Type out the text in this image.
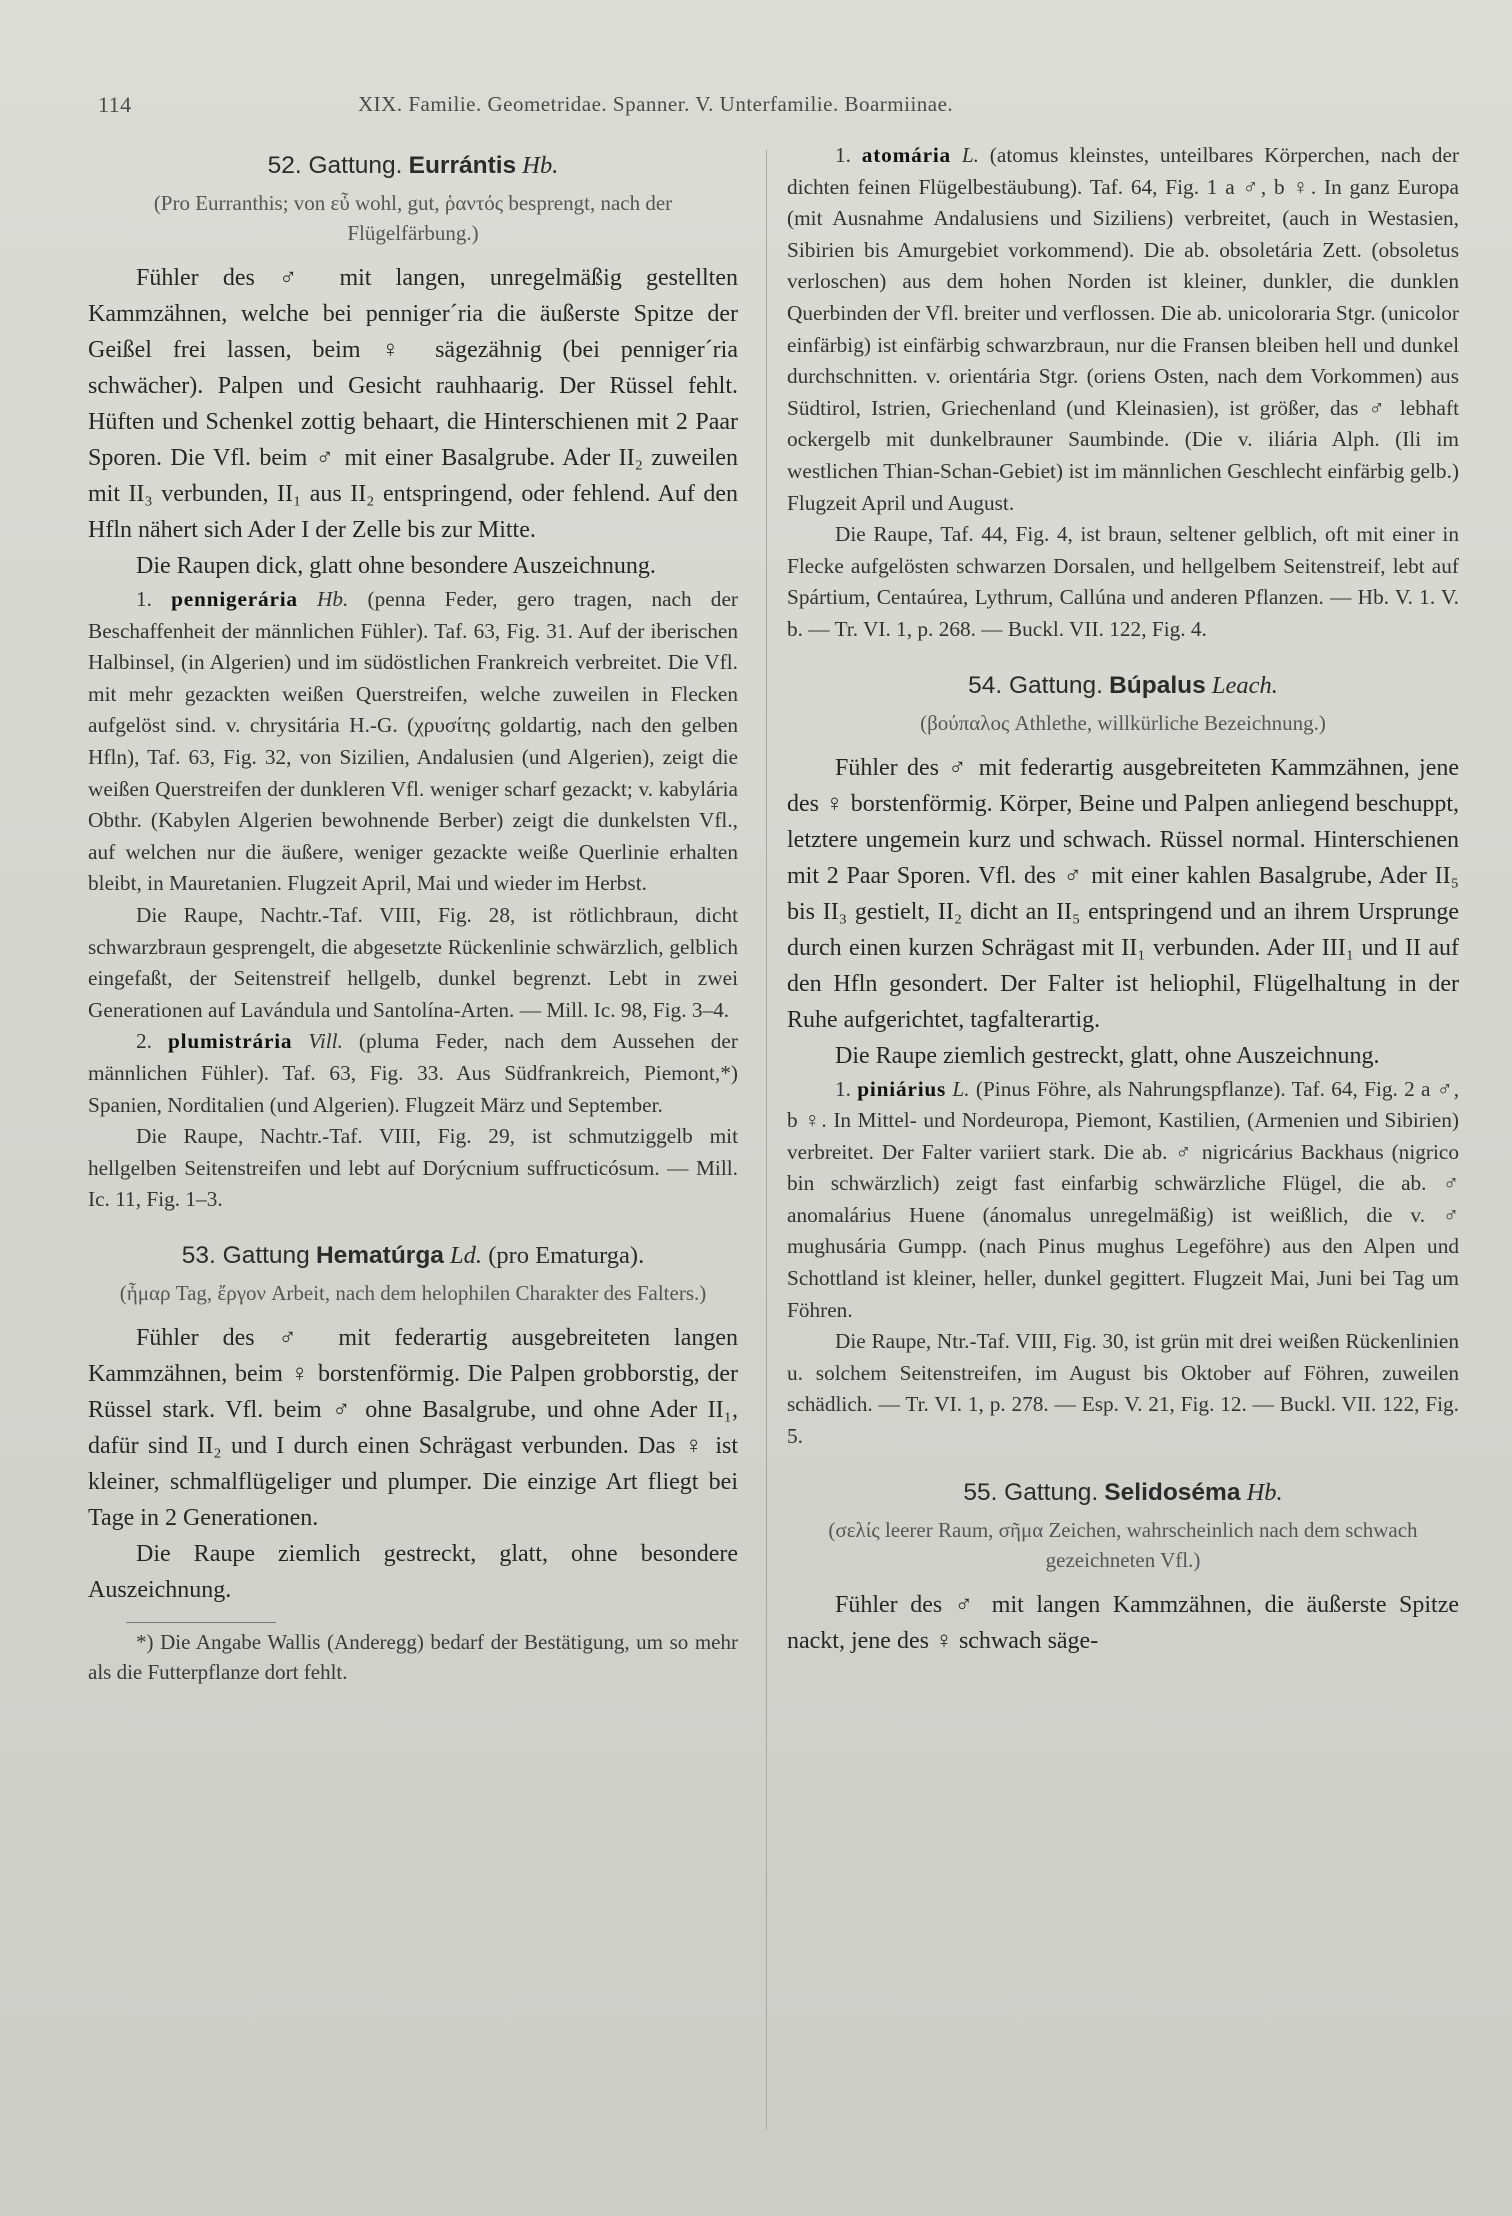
114	XIX. Familie. Geometridae. Spanner. V. Unterfamilie. Boarmiinae.
52. Gattung. Eurrántis Hb.

(Pro Eurranthis; von εὖ wohl, gut, ῥαντός besprengt, nach der Flügelfärbung.)

Fühler des ♂ mit langen, unregelmäßig gestellten Kammzähnen, welche bei penniger´ria die äußerste Spitze der Geißel frei lassen, beim ♀ sägezähnig (bei penniger´ria schwächer). Palpen und Gesicht rauhhaarig. Der Rüssel fehlt. Hüften und Schenkel zottig behaart, die Hinterschienen mit 2 Paar Sporen. Die Vfl. beim ♂ mit einer Basalgrube. Ader II₂ zuweilen mit II₃ verbunden, II₁ aus II₂ entspringend, oder fehlend. Auf den Hfln nähert sich Ader I der Zelle bis zur Mitte.

Die Raupen dick, glatt ohne besondere Auszeichnung.

1. pennigerária Hb. (penna Feder, gero tragen, nach der Beschaffenheit der männlichen Fühler). Taf. 63, Fig. 31. Auf der iberischen Halbinsel, (in Algerien) und im südöstlichen Frankreich verbreitet. Die Vfl. mit mehr gezackten weißen Querstreifen, welche zuweilen in Flecken aufgelöst sind. v. chrysitária H.-G. (χρυσίτης goldartig, nach den gelben Hfln), Taf. 63, Fig. 32, von Sizilien, Andalusien (und Algerien), zeigt die weißen Querstreifen der dunkleren Vfl. weniger scharf gezackt; v. kabylária Obthr. (Kabylen Algerien bewohnende Berber) zeigt die dunkelsten Vfl., auf welchen nur die äußere, weniger gezackte weiße Querlinie erhalten bleibt, in Mauretanien. Flugzeit April, Mai und wieder im Herbst.

Die Raupe, Nachtr.-Taf. VIII, Fig. 28, ist rötlichbraun, dicht schwarzbraun gesprengelt, die abgesetzte Rückenlinie schwärzlich, gelblich eingefaßt, der Seitenstreif hellgelb, dunkel begrenzt. Lebt in zwei Generationen auf Lavándula und Santolína-Arten. — Mill. Ic. 98, Fig. 3–4.

2. plumistrária Vill. (pluma Feder, nach dem Aussehen der männlichen Fühler). Taf. 63, Fig. 33. Aus Südfrankreich, Piemont,*) Spanien, Norditalien (und Algerien). Flugzeit März und September.

Die Raupe, Nachtr.-Taf. VIII, Fig. 29, ist schmutziggelb mit hellgelben Seitenstreifen und lebt auf Dorýcnium suffructicósum. — Mill. Ic. 11, Fig. 1–3.

53. Gattung Hematúrga Ld. (pro Ematurga).

(ἦμαρ Tag, ἔργον Arbeit, nach dem helophilen Charakter des Falters.)

Fühler des ♂ mit federartig ausgebreiteten langen Kammzähnen, beim ♀ borstenförmig. Die Palpen grobborstig, der Rüssel stark. Vfl. beim ♂ ohne Basalgrube, und ohne Ader II₁, dafür sind II₂ und I durch einen Schrägast verbunden. Das ♀ ist kleiner, schmalflügeliger und plumper. Die einzige Art fliegt bei Tage in 2 Generationen.

Die Raupe ziemlich gestreckt, glatt, ohne besondere Auszeichnung.

*) Die Angabe Wallis (Anderegg) bedarf der Bestätigung, um so mehr als die Futterpflanze dort fehlt.

1. atomária L. (atomus kleinstes, unteilbares Körperchen, nach der dichten feinen Flügelbestäubung). Taf. 64, Fig. 1 a ♂, b ♀. In ganz Europa (mit Ausnahme Andalusiens und Siziliens) verbreitet, (auch in Westasien, Sibirien bis Amurgebiet vorkommend). Die ab. obsoletária Zett. (obsoletus verloschen) aus dem hohen Norden ist kleiner, dunkler, die dunklen Querbinden der Vfl. breiter und verflossen. Die ab. unicoloraria Stgr. (unicolor einfärbig) ist einfärbig schwarzbraun, nur die Fransen bleiben hell und dunkel durchschnitten. v. orientária Stgr. (oriens Osten, nach dem Vorkommen) aus Südtirol, Istrien, Griechenland (und Kleinasien), ist größer, das ♂ lebhaft ockergelb mit dunkelbrauner Saumbinde. (Die v. iliária Alph. (Ili im westlichen Thian-Schan-Gebiet) ist im männlichen Geschlecht einfärbig gelb.) Flugzeit April und August.

Die Raupe, Taf. 44, Fig. 4, ist braun, seltener gelblich, oft mit einer in Flecke aufgelösten schwarzen Dorsalen, und hellgelbem Seitenstreif, lebt auf Spártium, Centaúrea, Lythrum, Callúna und anderen Pflanzen. — Hb. V. 1. V. b. — Tr. VI. 1, p. 268. — Buckl. VII. 122, Fig. 4.

54. Gattung. Búpalus Leach.

(βούπαλος Athlethe, willkürliche Bezeichnung.)

Fühler des ♂ mit federartig ausgebreiteten Kammzähnen, jene des ♀ borstenförmig. Körper, Beine und Palpen anliegend beschuppt, letztere ungemein kurz und schwach. Rüssel normal. Hinterschienen mit 2 Paar Sporen. Vfl. des ♂ mit einer kahlen Basalgrube, Ader II₅ bis II₃ gestielt, II₂ dicht an II₅ entspringend und an ihrem Ursprunge durch einen kurzen Schrägast mit II₁ verbunden. Ader III₁ und II auf den Hfln gesondert. Der Falter ist heliophil, Flügelhaltung in der Ruhe aufgerichtet, tagfalterartig.

Die Raupe ziemlich gestreckt, glatt, ohne Auszeichnung.

1. piniárius L. (Pinus Föhre, als Nahrungspflanze). Taf. 64, Fig. 2 a ♂, b ♀. In Mittel- und Nordeuropa, Piemont, Kastilien, (Armenien und Sibirien) verbreitet. Der Falter variiert stark. Die ab. ♂ nigricárius Backhaus (nigrico bin schwärzlich) zeigt fast einfarbig schwärzliche Flügel, die ab. ♂ anomalárius Huene (ánomalus unregelmäßig) ist weißlich, die v. ♂ mughusária Gumpp. (nach Pinus mughus Legeföhre) aus den Alpen und Schottland ist kleiner, heller, dunkel gegittert. Flugzeit Mai, Juni bei Tag um Föhren.

Die Raupe, Ntr.-Taf. VIII, Fig. 30, ist grün mit drei weißen Rückenlinien u. solchem Seitenstreifen, im August bis Oktober auf Föhren, zuweilen schädlich. — Tr. VI. 1, p. 278. — Esp. V. 21, Fig. 12. — Buckl. VII. 122, Fig. 5.

55. Gattung. Selidoséma Hb.

(σελίς leerer Raum, σῆμα Zeichen, wahrscheinlich nach dem schwach gezeichneten Vfl.)

Fühler des ♂ mit langen Kammzähnen, die äußerste Spitze nackt, jene des ♀ schwach säge-
